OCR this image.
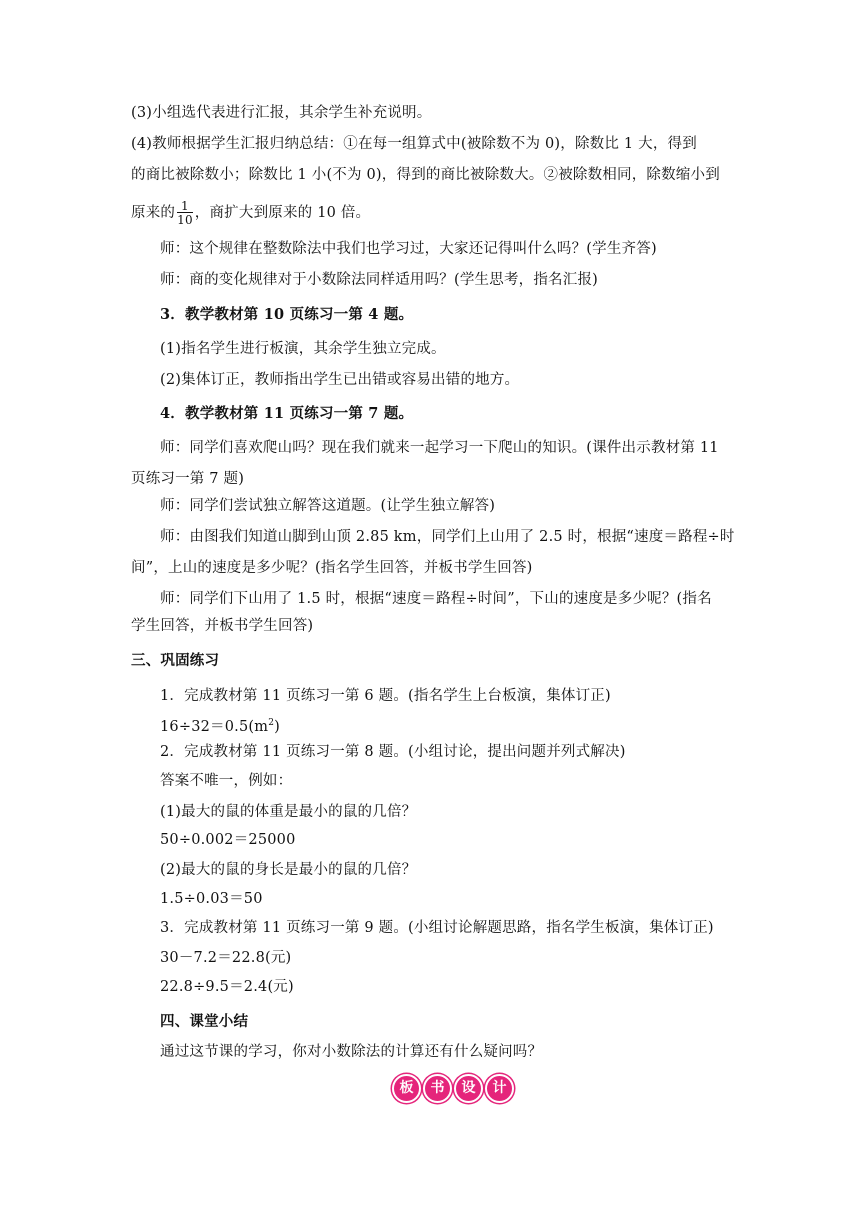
(3)小组选代表进行汇报，其余学生补充说明。
(4)教师根据学生汇报归纳总结：①在每一组算式中(被除数不为 0)，除数比 1 大，得到
的商比被除数小；除数比 1 小(不为 0)，得到的商比被除数大。②被除数相同，除数缩小到
原来的 $\frac{1}{10}$ ，商扩大到原来的 10 倍。
师：这个规律在整数除法中我们也学习过，大家还记得叫什么吗？(学生齐答)
师：商的变化规律对于小数除法同样适用吗？(学生思考，指名汇报)
3．教学教材第 10 页练习一第 4 题。
(1)指名学生进行板演，其余学生独立完成。
(2)集体订正，教师指出学生已出错或容易出错的地方。
4．教学教材第 11 页练习一第 7 题。
师：同学们喜欢爬山吗？现在我们就来一起学习一下爬山的知识。(课件出示教材第 11
页练习一第 7 题)
师：同学们尝试独立解答这道题。(让学生独立解答)
师：由图我们知道山脚到山顶 2.85 km，同学们上山用了 2.5 时，根据“速度＝路程÷时
间”，上山的速度是多少呢？(指名学生回答，并板书学生回答)
师：同学们下山用了 1.5 时，根据“速度＝路程÷时间”，下山的速度是多少呢？(指名
学生回答，并板书学生回答)
三、巩固练习
1．完成教材第 11 页练习一第 6 题。(指名学生上台板演，集体订正)
$16\div 32=0.5(m^2)$
2．完成教材第 11 页练习一第 8 题。(小组讨论，提出问题并列式解决)
答案不唯一，例如：
(1)最大的鼠的体重是最小的鼠的几倍？
50÷0.002＝25000
(2)最大的鼠的身长是最小的鼠的几倍？
1.5÷0.03＝50
3．完成教材第 11 页练习一第 9 题。(小组讨论解题思路，指名学生板演，集体订正)
30－7.2＝22.8(元)
22.8÷9.5＝2.4(元)
四、课堂小结
通过这节课的学习，你对小数除法的计算还有什么疑问吗？
板	书	设	计
